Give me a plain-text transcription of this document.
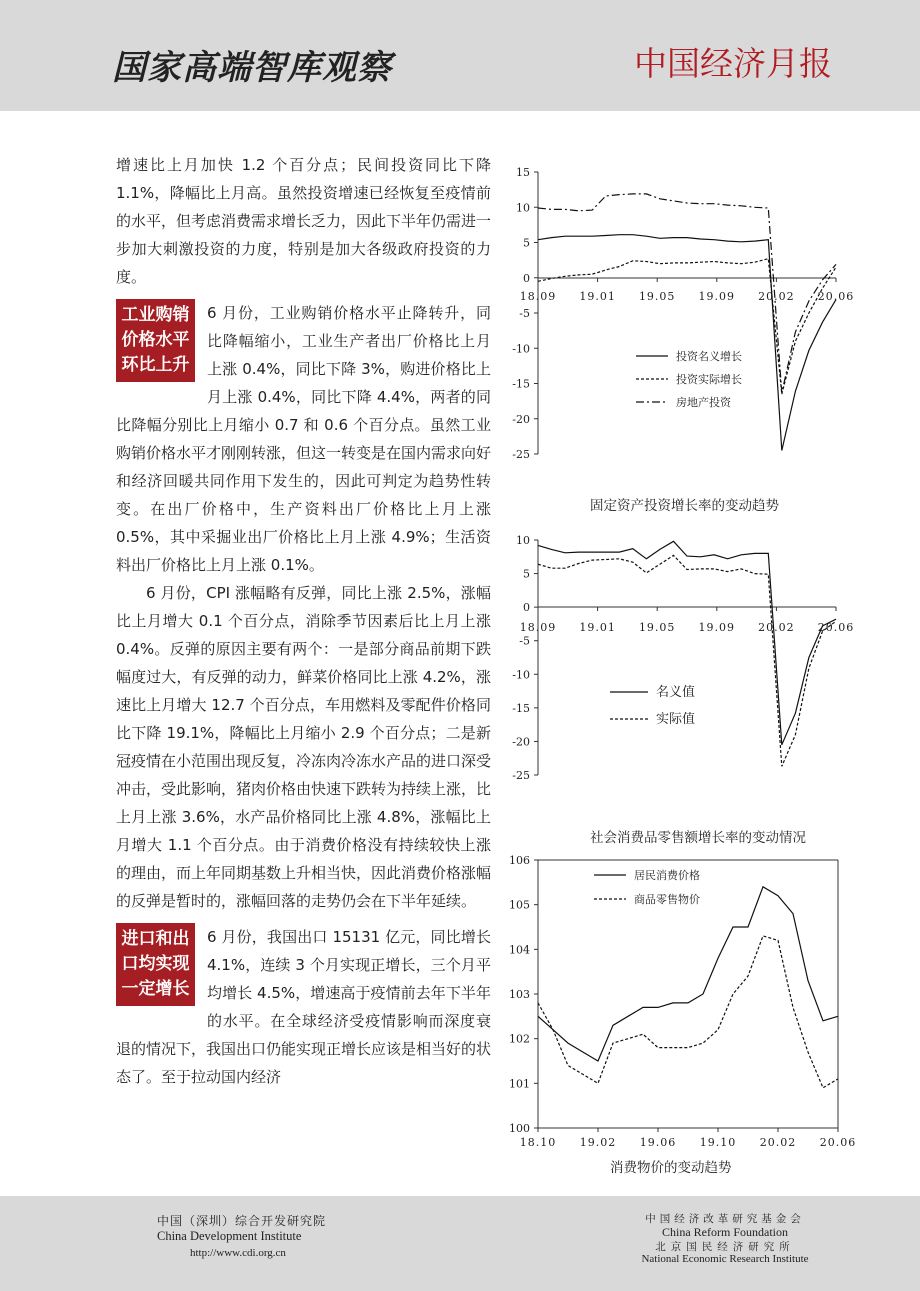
国家高端智库观察	中国经济月报

增速比上月加快 1.2 个百分点；民间投资同比下降 1.1%，降幅比上月高。虽然投资增速已经恢复至疫情前的水平，但考虑消费需求增长乏力，因此下半年仍需进一步加大刺激投资的力度，特别是加大各级政府投资的力度。

工业购销
价格水平
环比上升

6 月份，工业购销价格水平止降转升，同比降幅缩小，工业生产者出厂价格比上月上涨 0.4%，同比下降 3%，购进价格比上月上涨 0.4%，同比下降 4.4%，两者的同比降幅分别比上月缩小 0.7 和 0.6 个百分点。虽然工业购销价格水平才刚刚转涨，但这一转变是在国内需求向好和经济回暖共同作用下发生的，因此可判定为趋势性转变。在出厂价格中，生产资料出厂价格比上月上涨 0.5%，其中采掘业出厂价格比上月上涨 4.9%；生活资料出厂价格比上月上涨 0.1%。

6 月份，CPI 涨幅略有反弹，同比上涨 2.5%，涨幅比上月增大 0.1 个百分点，消除季节因素后比上月上涨 0.4%。反弹的原因主要有两个：一是部分商品前期下跌幅度过大，有反弹的动力，鲜菜价格同比上涨 4.2%，涨速比上月增大 12.7 个百分点，车用燃料及零配件价格同比下降 19.1%，降幅比上月缩小 2.9 个百分点；二是新冠疫情在小范围出现反复，冷冻肉冷冻水产品的进口深受冲击，受此影响，猪肉价格由快速下跌转为持续上涨，比上月上涨 3.6%，水产品价格同比上涨 4.8%，涨幅比上月增大 1.1 个百分点。由于消费价格没有持续较快上涨的理由，而上年同期基数上升相当快，因此消费价格涨幅的反弹是暂时的，涨幅回落的走势仍会在下半年延续。

进口和出
口均实现
一定增长

6 月份，我国出口 15131 亿元，同比增长 4.1%，连续 3 个月实现正增长，三个月平均增长 4.5%，增速高于疫情前去年下半年的水平。在全球经济受疫情影响而深度衰退的情况下，我国出口仍能实现正增长应该是相当好的状态了。至于拉动国内经济

15
10
5
0
-5
-10
-15
-20
-25
18.09 19.01 19.05 19.09 20.02 20.06
投资名义增长
投资实际增长
房地产投资
固定资产投资增长率的变动趋势
10
5
0
-5
-10
-15
-20
-25
18.09 19.01 19.05 19.09 20.02 20.06
名义值
实际值
社会消费品零售额增长率的变动情况
106
105
104
103
102
101
100
18.10 19.02 19.06 19.10 20.02 20.06
居民消费价格
商品零售物价
消费物价的变动趋势
中国（深圳）综合开发研究院
China Development Institute
http://www.cdi.org.cn
中国经济改革研究基金会
China Reform Foundation
北京国民经济研究所
National Economic Research Institute
